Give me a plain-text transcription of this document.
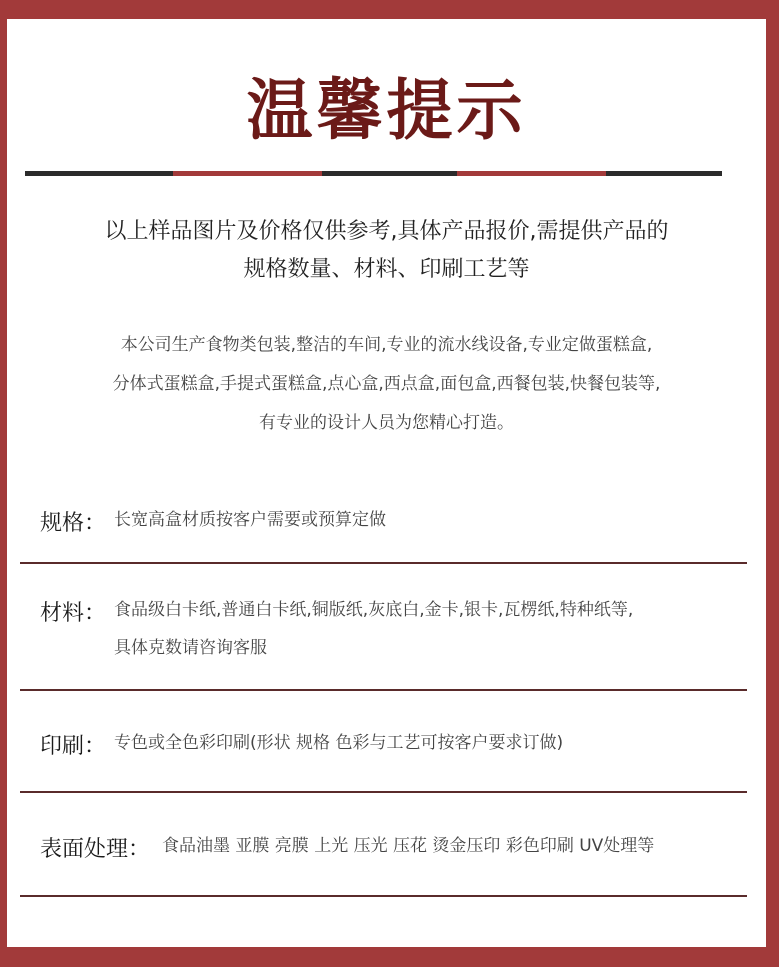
温馨提示
以上样品图片及价格仅供参考,具体产品报价,需提供产品的
规格数量、材料、印刷工艺等
本公司生产食物类包装,整洁的车间,专业的流水线设备,专业定做蛋糕盒,
分体式蛋糕盒,手提式蛋糕盒,点心盒,西点盒,面包盒,西餐包装,快餐包装等,
有专业的设计人员为您精心打造。
规格： 长宽高盒材质按客户需要或预算定做
材料： 食品级白卡纸,普通白卡纸,铜版纸,灰底白,金卡,银卡,瓦楞纸,特种纸等,
具体克数请咨询客服
印刷： 专色或全色彩印刷(形状 规格 色彩与工艺可按客户要求订做)
表面处理： 食品油墨 亚膜 亮膜 上光 压光 压花 烫金压印 彩色印刷 UV处理等
